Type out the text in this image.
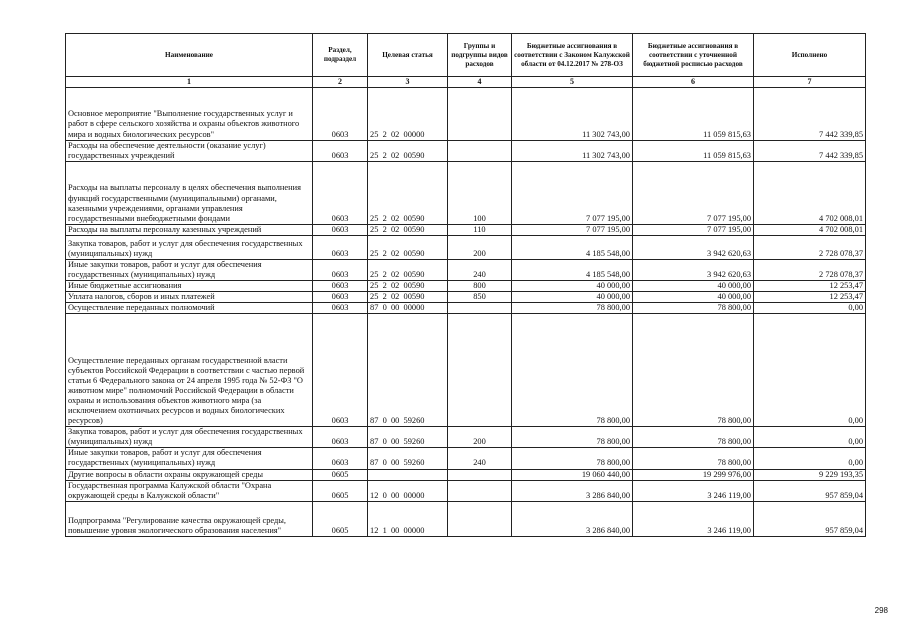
Наименование	Раздел, подраздел	Целевая статья	Группы и подгруппы видов расходов	Бюджетные ассигнования в соответствии с Законом Калужской области от 04.12.2017 № 278-ОЗ	Бюджетные ассигнования в соответствии с уточненной бюджетной росписью расходов	Исполнено
1	2	3	4	5	6	7
Основное мероприятие "Выполнение государственных услуг и работ в сфере сельского хозяйства и охраны объектов животного мира и водных биологических ресурсов"	0603	25  2  02  00000		11 302 743,00	11 059 815,63	7 442 339,85
Расходы на обеспечение деятельности (оказание услуг) государственных учреждений	0603	25  2  02  00590		11 302 743,00	11 059 815,63	7 442 339,85
Расходы на выплаты персоналу в целях обеспечения выполнения функций государственными (муниципальными) органами, казенными учреждениями, органами управления государственными внебюджетными фондами	0603	25  2  02  00590	100	7 077 195,00	7 077 195,00	4 702 008,01
Расходы на выплаты персоналу казенных учреждений	0603	25  2  02  00590	110	7 077 195,00	7 077 195,00	4 702 008,01
Закупка товаров, работ и услуг для обеспечения государственных (муниципальных) нужд	0603	25  2  02  00590	200	4 185 548,00	3 942 620,63	2 728 078,37
Иные закупки товаров, работ и услуг для обеспечения государственных (муниципальных) нужд	0603	25  2  02  00590	240	4 185 548,00	3 942 620,63	2 728 078,37
Иные бюджетные ассигнования	0603	25  2  02  00590	800	40 000,00	40 000,00	12 253,47
Уплата налогов, сборов и иных платежей	0603	25  2  02  00590	850	40 000,00	40 000,00	12 253,47
Осуществление переданных полномочий	0603	87  0  00  00000		78 800,00	78 800,00	0,00
Осуществление переданных органам государственной власти субъектов Российской Федерации в соответствии с частью первой статьи 6 Федерального закона от 24 апреля 1995 года № 52-ФЗ "О животном мире" полномочий Российской Федерации в области охраны и использования объектов животного мира (за исключением охотничьих ресурсов и водных биологических ресурсов)	0603	87  0  00  59260		78 800,00	78 800,00	0,00
Закупка товаров, работ и услуг для обеспечения государственных (муниципальных) нужд	0603	87  0  00  59260	200	78 800,00	78 800,00	0,00
Иные закупки товаров, работ и услуг для обеспечения государственных (муниципальных) нужд	0603	87  0  00  59260	240	78 800,00	78 800,00	0,00
Другие вопросы в области охраны окружающей среды	0605			19 060 440,00	19 299 976,00	9 229 193,35
Государственная программа Калужской области "Охрана окружающей среды в Калужской области"	0605	12  0  00  00000		3 286 840,00	3 246 119,00	957 859,04
Подпрограмма "Регулирование качества окружающей среды, повышение уровня экологического образования населения"	0605	12  1  00  00000		3 286 840,00	3 246 119,00	957 859,04
298
